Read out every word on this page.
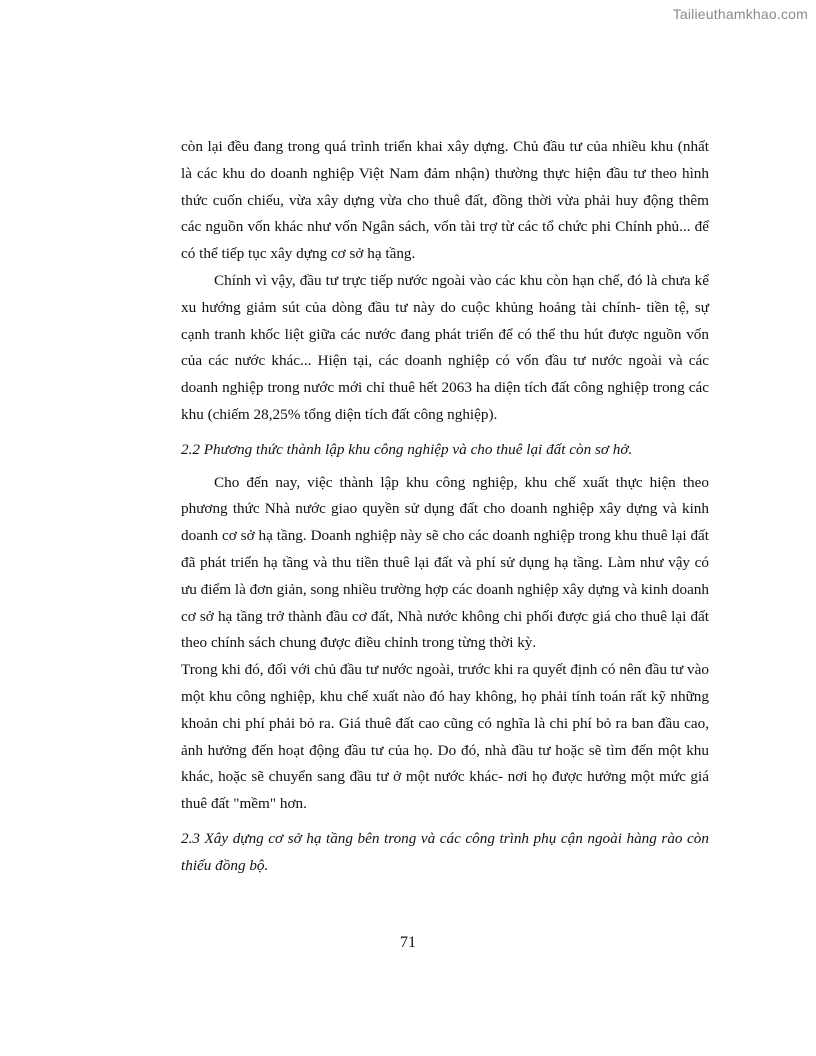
Tailieuthamkhao.com

còn lại đều đang trong quá trình triển khai xây dựng. Chủ đầu tư của nhiều khu (nhất là các khu do doanh nghiệp Việt Nam đảm nhận) thường thực hiện đầu tư theo hình thức cuốn chiếu, vừa xây dựng vừa cho thuê đất, đồng thời vừa phải huy động thêm các nguồn vốn khác như vốn Ngân sách, vốn tài trợ từ các tổ chức phi Chính phủ... để có thể tiếp tục xây dựng cơ sở hạ tầng.

Chính vì vậy, đầu tư trực tiếp nước ngoài vào các khu còn hạn chế, đó là chưa kể xu hướng giảm sút của dòng đầu tư này do cuộc khủng hoảng tài chính- tiền tệ, sự cạnh tranh khốc liệt giữa các nước đang phát triển để có thể thu hút được nguồn vốn của các nước khác... Hiện tại, các doanh nghiệp có vốn đầu tư nước ngoài và các doanh nghiệp trong nước mới chỉ thuê hết 2063 ha diện tích đất công nghiệp trong các khu (chiếm 28,25% tổng diện tích đất công nghiệp).

2.2 Phương thức thành lập khu công nghiệp và cho thuê lại đất còn sơ hở.

Cho đến nay, việc thành lập khu công nghiệp, khu chế xuất thực hiện theo phương thức Nhà nước giao quyền sử dụng đất cho doanh nghiệp xây dựng và kinh doanh cơ sở hạ tầng. Doanh nghiệp này sẽ cho các doanh nghiệp trong khu thuê lại đất đã phát triển hạ tầng và thu tiền thuê lại đất và phí sử dụng hạ tầng. Làm như vậy có ưu điểm là đơn giản, song nhiều trường hợp các doanh nghiệp xây dựng và kinh doanh cơ sở hạ tầng trở thành đầu cơ đất, Nhà nước không chi phối được giá cho thuê lại đất theo chính sách chung được điều chỉnh trong từng thời kỳ.

Trong khi đó, đối với chủ đầu tư nước ngoài, trước khi ra quyết định có nên đầu tư vào một khu công nghiệp, khu chế xuất nào đó hay không, họ phải tính toán rất kỹ những khoản chi phí phải bỏ ra. Giá thuê đất cao cũng có nghĩa là chi phí bỏ ra ban đầu cao, ảnh hưởng đến hoạt động đầu tư của họ. Do đó, nhà đầu tư hoặc sẽ tìm đến một khu khác, hoặc sẽ chuyển sang đầu tư ở một nước khác- nơi họ được hưởng một mức giá thuê đất "mềm" hơn.

2.3 Xây dựng cơ sở hạ tầng bên trong và các công trình phụ cận ngoài hàng rào còn thiếu đồng bộ.

71
